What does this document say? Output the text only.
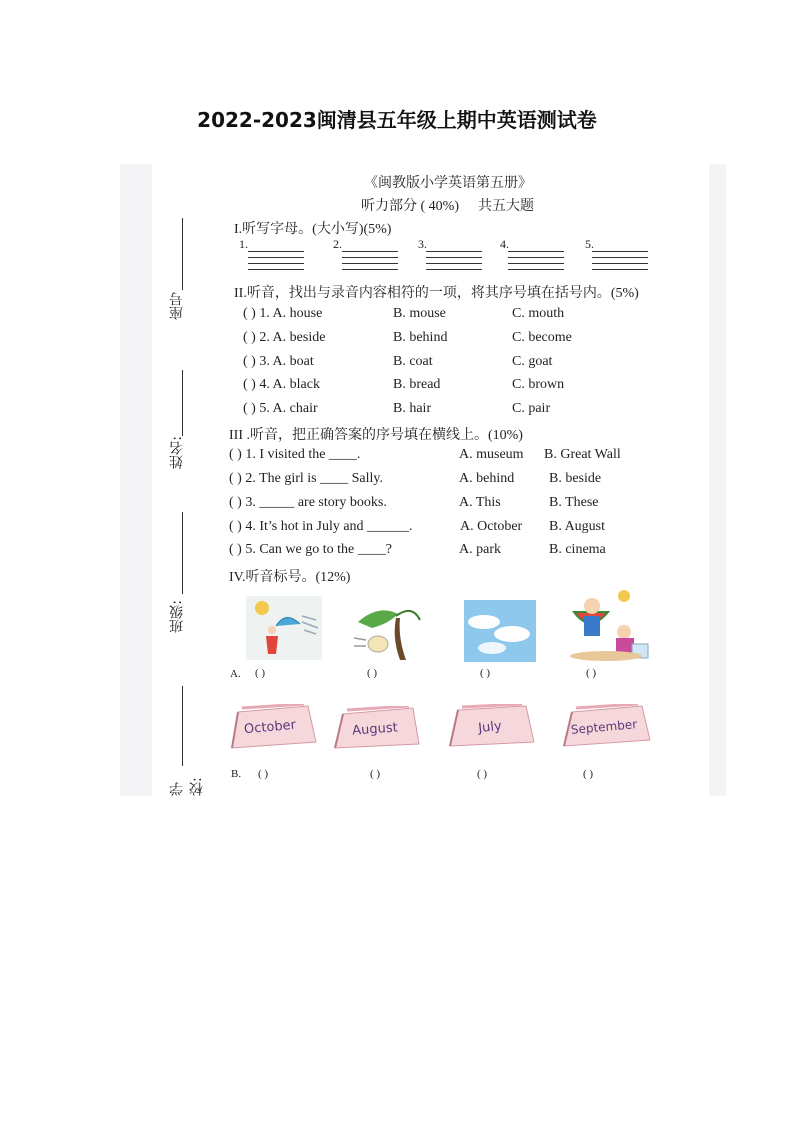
2022-2023闽清县五年级上期中英语测试卷
座号
姓名:
班级:
学校:
《闽教版小学英语第五册》
听力部分 ( 40%) 共五大题
I.听写字母。(大小写)(5%)
1.	2.	3.	4.	5.
II.听音，找出与录音内容相符的一项，将其序号填在括号内。(5%)
( ) 1. A. house	B. mouse	C. mouth
( ) 2. A. beside	B. behind	C. become
( ) 3. A. boat	B. coat	C. goat
( ) 4. A. black	B. bread	C. brown
( ) 5. A. chair	B. hair	C. pair
III .听音，把正确答案的序号填在横线上。(10%)
( ) 1. I visited the ____.	A. museum B. Great Wall
( ) 2. The girl is ____ Sally.	A. behind B. beside
( ) 3. _____ are story books.	A. This	B. These
( ) 4. It’s hot in July and ______.	A. October B. August
( ) 5. Can we go to the ____?	A. park	B. cinema
IV.听音标号。(12%)
A. ( )	( )	( )	( )
October	August	July	September
B. ( )	( )	( )	( )
